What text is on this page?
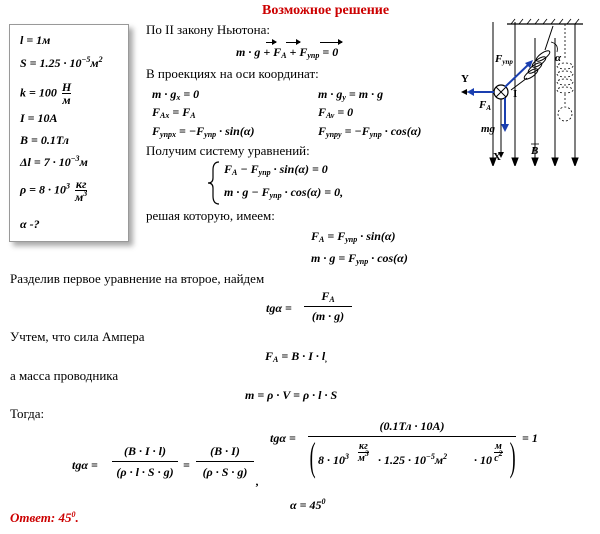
Возможное решение
l = 1м
$S = 1.25 \cdot 10^{-5}м^2$
k = 100 Н
м
I = 10A
B = 0.1Тл
$\Delta l = 7 \cdot 10^{-3}м$
$\rho = 8 \cdot 10^3$ кг
$м^3$
α -?
По II закону Ньютона:
$m \cdot g + F_A + F_{упр} = 0$
В проекциях на оси координат:
$m \cdot g_x = 0$	$m \cdot g_y = m \cdot g$
$F_{Ax} = F_A$	$F_{Av} = 0$
$F_{упрx} = -F_{упр} \cdot \sin(\alpha)$	$F_{упрy} = -F_{упр} \cdot \cos(\alpha)$
Получим систему уравнений:
$F_A - F_{упр} \cdot \sin(\alpha) = 0$
$m \cdot g - F_{упр} \cdot \cos(\alpha) = 0$,
решая которую, имеем:
$F_A = F_{упр} \cdot \sin(\alpha)$
$m \cdot g = F_{упр} \cdot \cos(\alpha)$
Разделив первое уравнение на второе, найдем
tgα =
$F_A$
(m · g)
Учтем, что сила Ампера
$F_A = B \cdot I \cdot l_,$
а масса проводника
m = ρ · V = ρ · l · S
Тогда:
tgα =
(B · I · l)
(ρ · l · S · g) =
(B · I)
(ρ · S · g)
,
tgα =
(0.1Тл · 10A)
( $8 \cdot 10^3$
кг
$м^3 \cdot 1.25 \cdot 10^{-5}м^2 \cdot 10$
м
$с^2$ ) = 1
$\alpha = 45^0$
Ответ: $45^0$.
α
Y
X
I
FA
Fупр
mg
B
